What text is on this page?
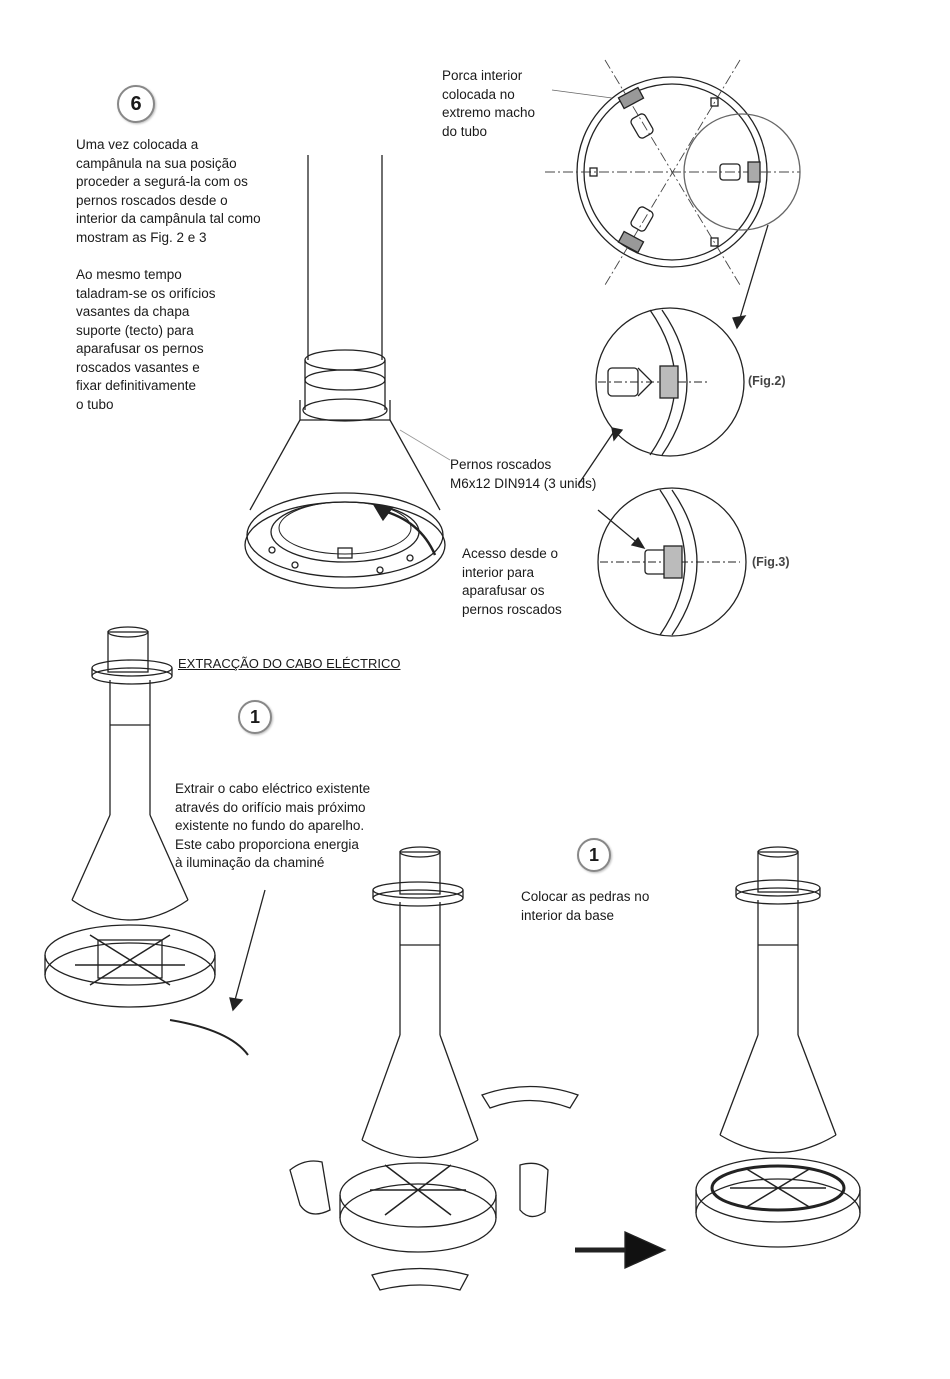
6
Uma vez colocada a
campânula na sua posição
proceder a segurá-la com os
pernos roscados desde o
interior da campânula tal como
mostram as Fig. 2 e 3
Ao mesmo tempo
taladram-se os orifícios
vasantes da chapa
suporte (tecto) para
aparafusar os pernos
roscados vasantes e
fixar definitivamente
o tubo
Porca interior
colocada no
extremo macho
do tubo
Pernos roscados
M6x12 DIN914 (3 unids)
Acesso desde o
interior para
aparafusar os
pernos roscados
(Fig.2)
(Fig.3)
EXTRACÇÃO DO CABO ELÉCTRICO
1
Extrair o cabo eléctrico existente
através do orifício mais próximo
existente no fundo do aparelho.
Este cabo proporciona energia
à iluminação da chaminé	1
Colocar as pedras no
interior da base
